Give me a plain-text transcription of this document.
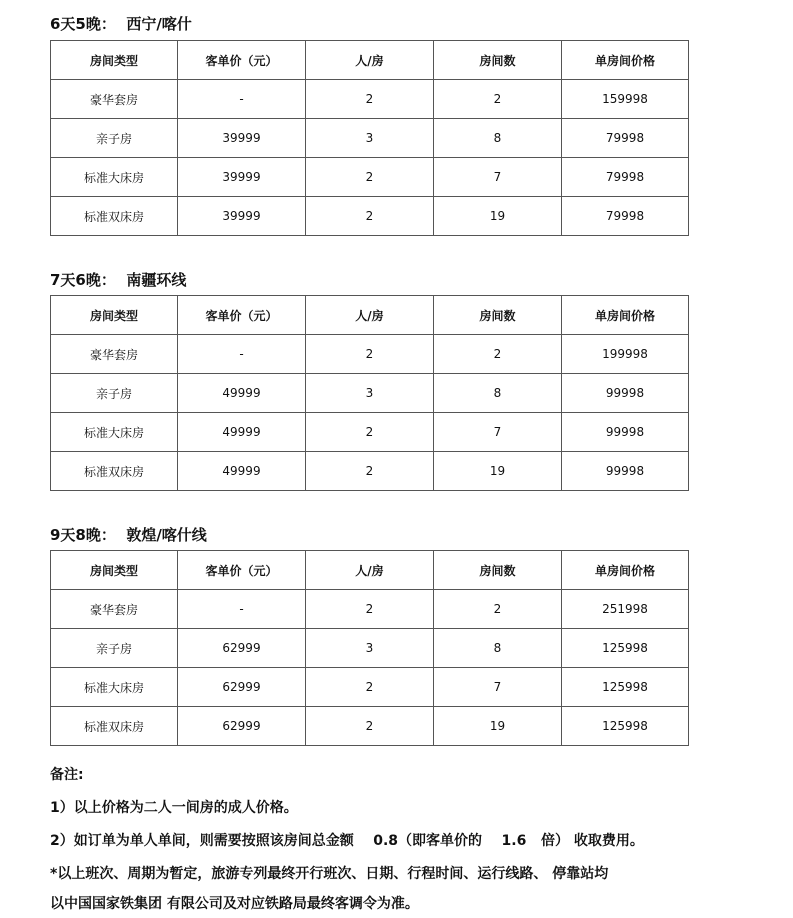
6天5晚：  西宁/喀什
房间类型	客单价（元）	人/房	房间数	单房间价格
豪华套房	-	2	2	159998
亲子房	39999	3	8	79998
标准大床房	39999	2	7	79998
标准双床房	39999	2	19	79998
7天6晚：  南疆环线
房间类型	客单价（元）	人/房	房间数	单房间价格
豪华套房	-	2	2	199998
亲子房	49999	3	8	99998
标准大床房	49999	2	7	99998
标准双床房	49999	2	19	99998
9天8晚：  敦煌/喀什线
房间类型	客单价（元）	人/房	房间数	单房间价格
豪华套房	-	2	2	251998
亲子房	62999	3	8	125998
标准大床房	62999	2	7	125998
标准双床房	62999	2	19	125998
备注:
1）以上价格为二人一间房的成人价格。
2）如订单为单人单间，则需要按照该房间总金额    0.8（即客单价的    1.6   倍） 收取费用。
*以上班次、周期为暂定，旅游专列最终开行班次、日期、行程时间、运行线路、 停靠站均
以中国国家铁集团 有限公司及对应铁路局最终客调令为准。
